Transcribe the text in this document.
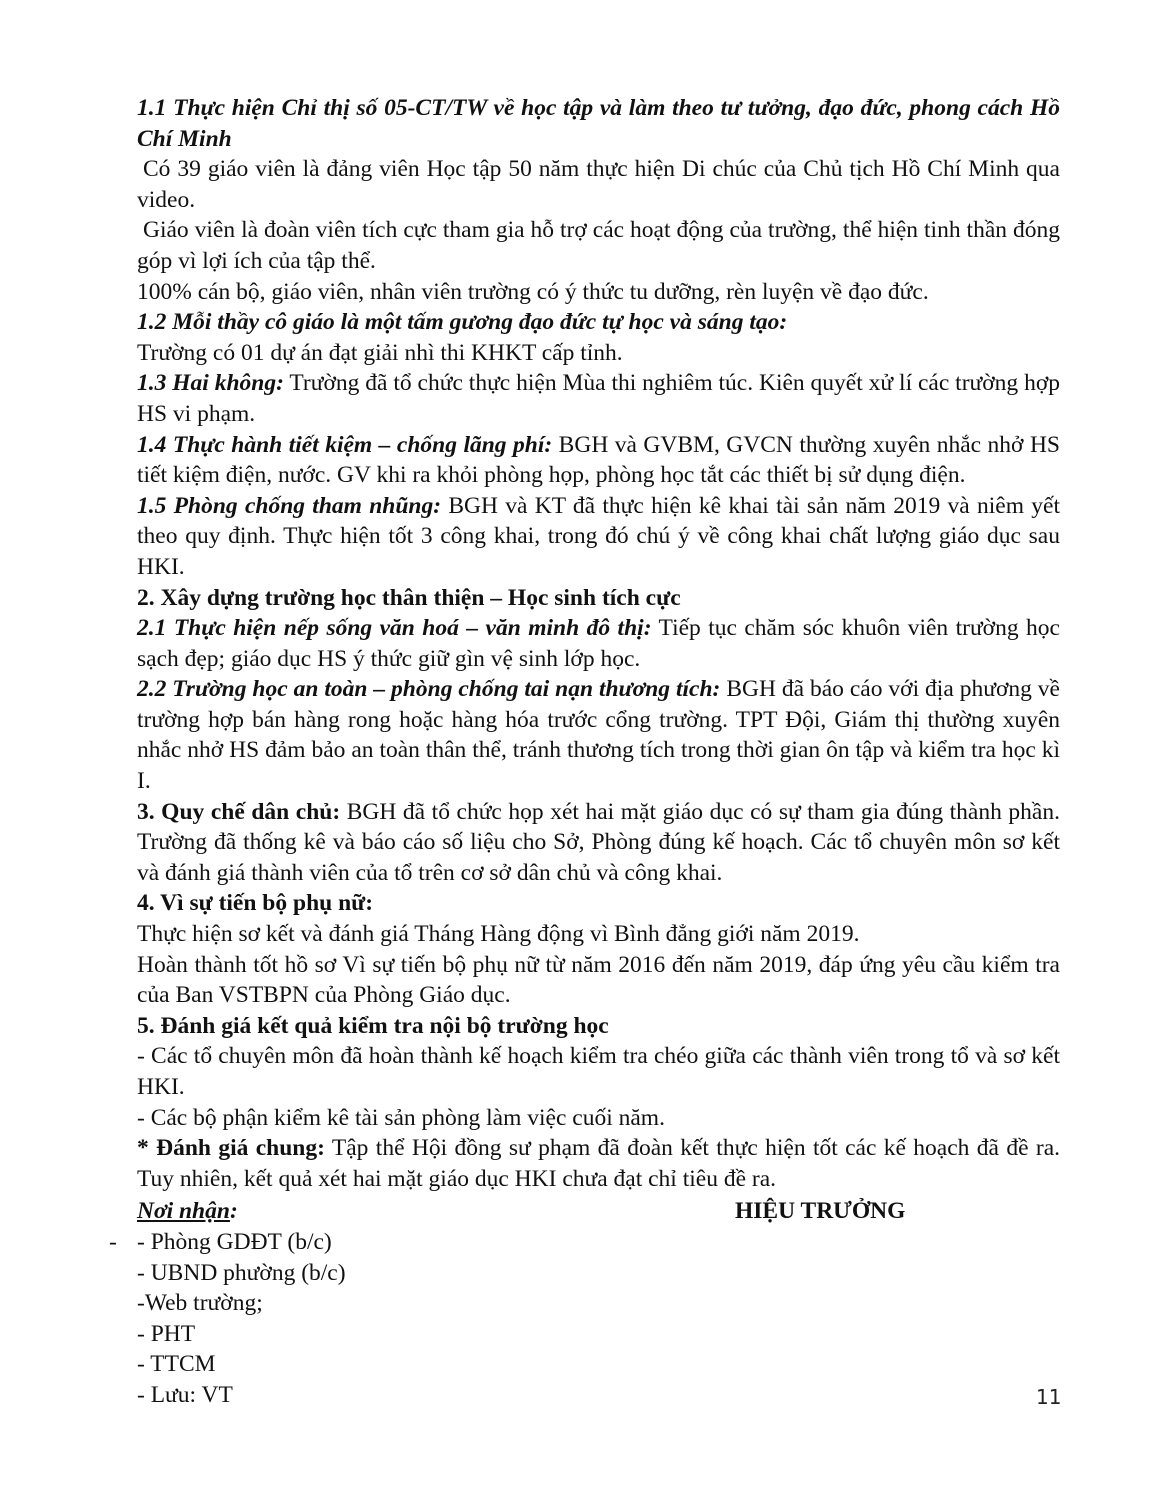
1.1 Thực hiện Chỉ thị số 05-CT/TW về học tập và làm theo tư tưởng, đạo đức, phong cách Hồ Chí Minh

Có 39 giáo viên là đảng viên Học tập 50 năm thực hiện Di chúc của Chủ tịch Hồ Chí Minh qua video.

Giáo viên là đoàn viên tích cực tham gia hỗ trợ các hoạt động của trường, thể hiện tinh thần đóng góp vì lợi ích của tập thể.

100% cán bộ, giáo viên, nhân viên trường có ý thức tu dưỡng, rèn luyện về đạo đức.

1.2 Mỗi thầy cô giáo là một tấm gương đạo đức tự học và sáng tạo:

Trường có 01 dự án đạt giải nhì thi KHKT cấp tỉnh.

1.3 Hai không: Trường đã tổ chức thực hiện Mùa thi nghiêm túc. Kiên quyết xử lí các trường hợp HS vi phạm.

1.4 Thực hành tiết kiệm – chống lãng phí: BGH và GVBM, GVCN thường xuyên nhắc nhở HS tiết kiệm điện, nước. GV khi ra khỏi phòng họp, phòng học tắt các thiết bị sử dụng điện.

1.5 Phòng chống tham nhũng: BGH và KT đã thực hiện kê khai tài sản năm 2019 và niêm yết theo quy định. Thực hiện tốt 3 công khai, trong đó chú ý về công khai chất lượng giáo dục sau HKI.

2. Xây dựng trường học thân thiện – Học sinh tích cực

2.1 Thực hiện nếp sống văn hoá – văn minh đô thị: Tiếp tục chăm sóc khuôn viên trường học sạch đẹp; giáo dục HS ý thức giữ gìn vệ sinh lớp học.

2.2 Trường học an toàn – phòng chống tai nạn thương tích: BGH đã báo cáo với địa phương về trường hợp bán hàng rong hoặc hàng hóa trước cổng trường. TPT Đội, Giám thị thường xuyên nhắc nhở HS đảm bảo an toàn thân thể, tránh thương tích trong thời gian ôn tập và kiểm tra học kì I.

3. Quy chế dân chủ: BGH đã tổ chức họp xét hai mặt giáo dục có sự tham gia đúng thành phần. Trường đã thống kê và báo cáo số liệu cho Sở, Phòng đúng kế hoạch. Các tổ chuyên môn sơ kết và đánh giá thành viên của tổ trên cơ sở dân chủ và công khai.

4. Vì sự tiến bộ phụ nữ:

Thực hiện sơ kết và đánh giá Tháng Hàng động vì Bình đẳng giới năm 2019.

Hoàn thành tốt hồ sơ Vì sự tiến bộ phụ nữ từ năm 2016 đến năm 2019, đáp ứng yêu cầu kiểm tra của Ban VSTBPN của Phòng Giáo dục.

5. Đánh giá kết quả kiểm tra nội bộ trường học

- Các tổ chuyên môn đã hoàn thành kế hoạch kiểm tra chéo giữa các thành viên trong tổ và sơ kết HKI.

- Các bộ phận kiểm kê tài sản phòng làm việc cuối năm.

* Đánh giá chung: Tập thể Hội đồng sư phạm đã đoàn kết thực hiện tốt các kế hoạch đã đề ra. Tuy nhiên, kết quả xét hai mặt giáo dục HKI chưa đạt chỉ tiêu đề ra.

Nơi nhận:	HIỆU TRƯỞNG
- - Phòng GDĐT (b/c)
- UBND phường (b/c)
-Web trường;
- PHT
- TTCM
- Lưu: VT	11
